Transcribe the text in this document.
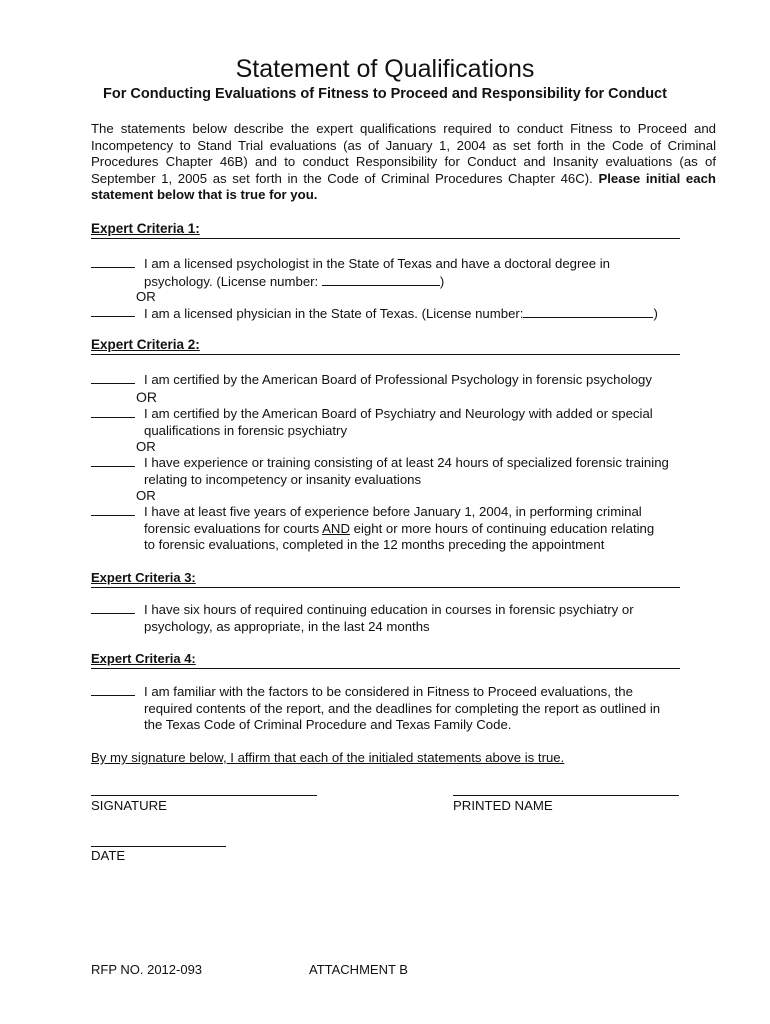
Statement of Qualifications
For Conducting Evaluations of Fitness to Proceed and Responsibility for Conduct
The statements below describe the expert qualifications required to conduct Fitness to Proceed and Incompetency to Stand Trial evaluations (as of January 1, 2004 as set forth in the Code of Criminal Procedures Chapter 46B) and to conduct Responsibility for Conduct and Insanity evaluations (as of September 1, 2005 as set forth in the Code of Criminal Procedures Chapter 46C). Please initial each statement below that is true for you.
Expert Criteria 1:
I am a licensed psychologist in the State of Texas and have a doctoral degree in
psychology. (License number:	)
OR
I am a licensed physician in the State of Texas. (License number:	)
Expert Criteria 2:
I am certified by the American Board of Professional Psychology in forensic psychology
OR
I am certified by the American Board of Psychiatry and Neurology with added or special
qualifications in forensic psychiatry
OR
I have experience or training consisting of at least 24 hours of specialized forensic training
relating to incompetency or insanity evaluations
OR
I have at least five years of experience before January 1, 2004, in performing criminal
forensic evaluations for courts AND eight or more hours of continuing education relating
to forensic evaluations, completed in the 12 months preceding the appointment
Expert Criteria 3:
I have six hours of required continuing education in courses in forensic psychiatry or
psychology, as appropriate, in the last 24 months
Expert Criteria 4:
I am familiar with the factors to be considered in Fitness to Proceed evaluations, the
required contents of the report, and the deadlines for completing the report as outlined in
the Texas Code of Criminal Procedure and Texas Family Code.
By my signature below, I affirm that each of the initialed statements above is true.
SIGNATURE	PRINTED NAME
DATE
RFP NO. 2012-093	ATTACHMENT B
